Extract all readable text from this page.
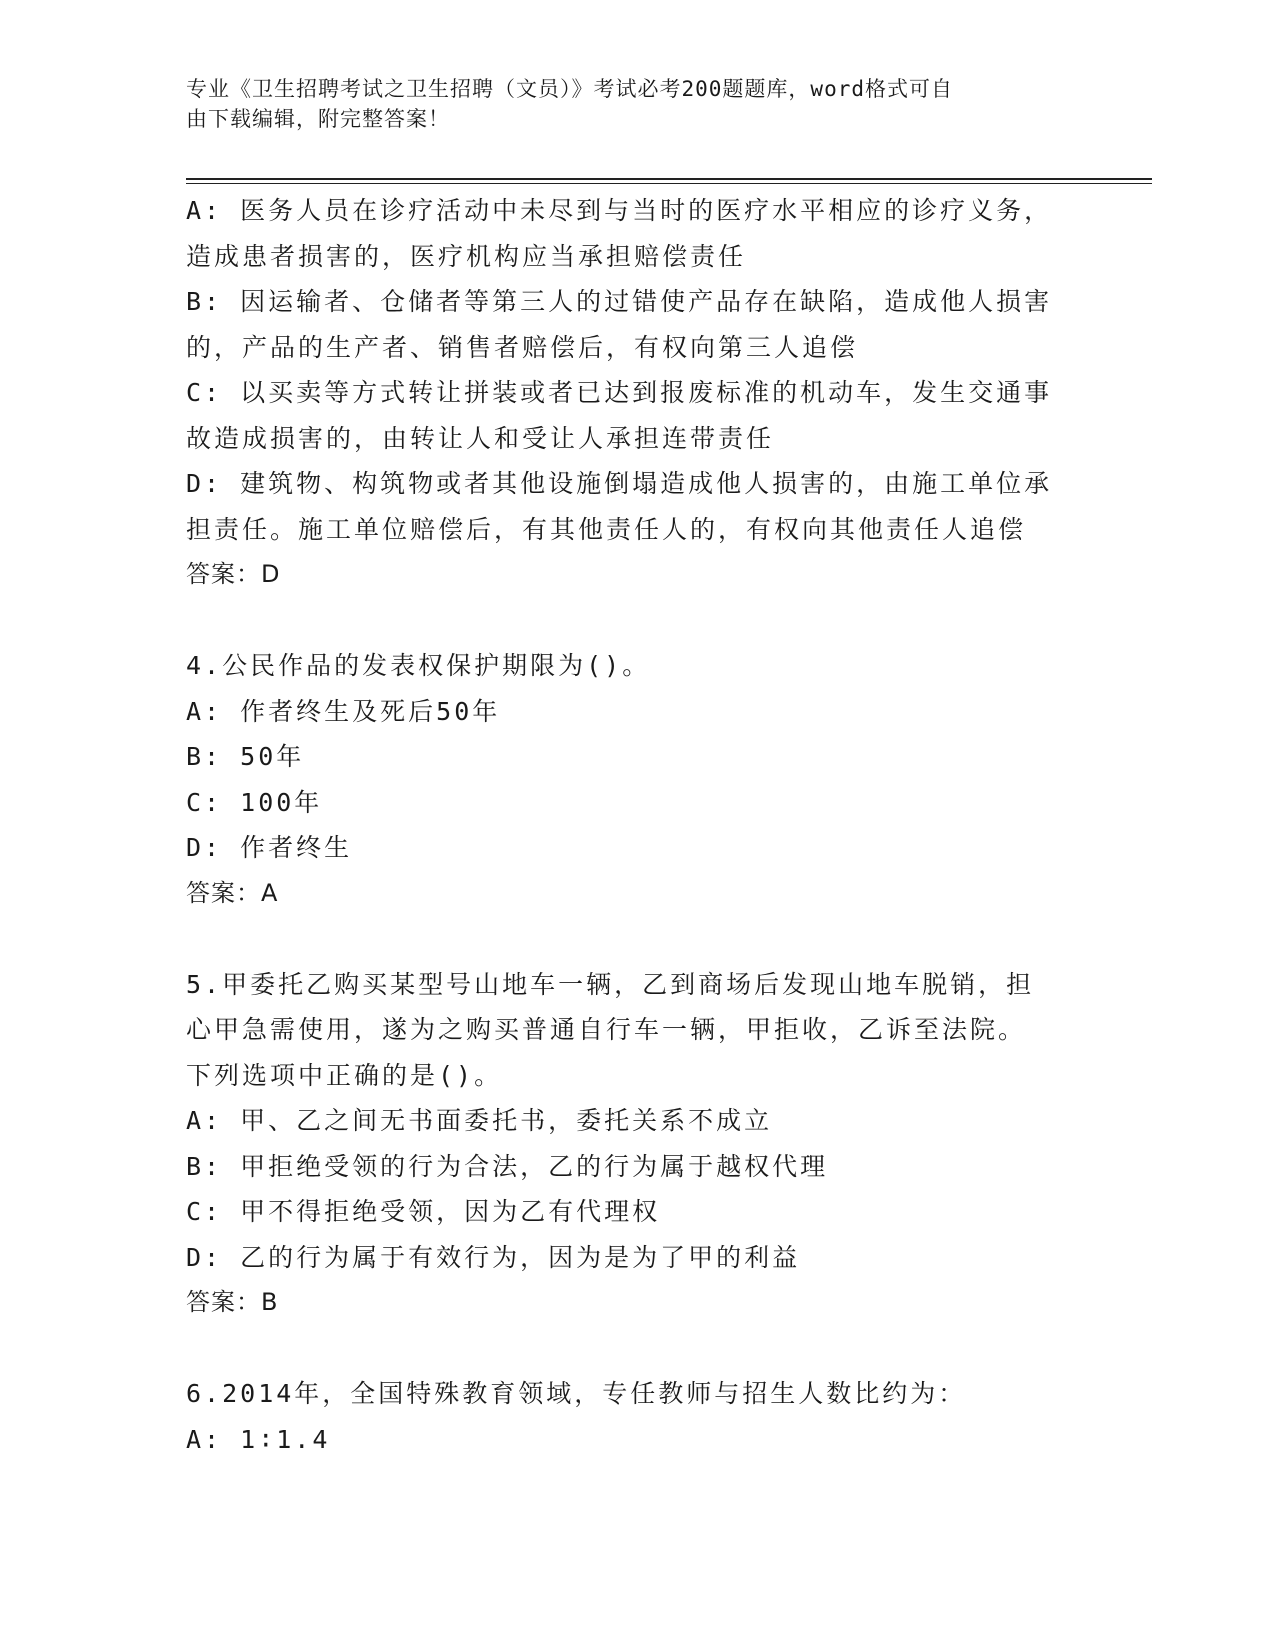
专业《卫生招聘考试之卫生招聘（文员）》考试必考200题题库，word格式可自
由下载编辑，附完整答案！
A: 医务人员在诊疗活动中未尽到与当时的医疗水平相应的诊疗义务，
造成患者损害的，医疗机构应当承担赔偿责任
B: 因运输者、仓储者等第三人的过错使产品存在缺陷，造成他人损害
的，产品的生产者、销售者赔偿后，有权向第三人追偿
C: 以买卖等方式转让拼装或者已达到报废标准的机动车，发生交通事
故造成损害的，由转让人和受让人承担连带责任
D: 建筑物、构筑物或者其他设施倒塌造成他人损害的，由施工单位承
担责任。施工单位赔偿后，有其他责任人的，有权向其他责任人追偿
答案：D
4.公民作品的发表权保护期限为()。
A: 作者终生及死后50年
B: 50年
C: 100年
D: 作者终生
答案：A
5.甲委托乙购买某型号山地车一辆，乙到商场后发现山地车脱销，担
心甲急需使用，遂为之购买普通自行车一辆，甲拒收，乙诉至法院。
下列选项中正确的是()。
A: 甲、乙之间无书面委托书，委托关系不成立
B: 甲拒绝受领的行为合法，乙的行为属于越权代理
C: 甲不得拒绝受领，因为乙有代理权
D: 乙的行为属于有效行为，因为是为了甲的利益
答案：B
6.2014年，全国特殊教育领域，专任教师与招生人数比约为：
A: 1∶1.4
